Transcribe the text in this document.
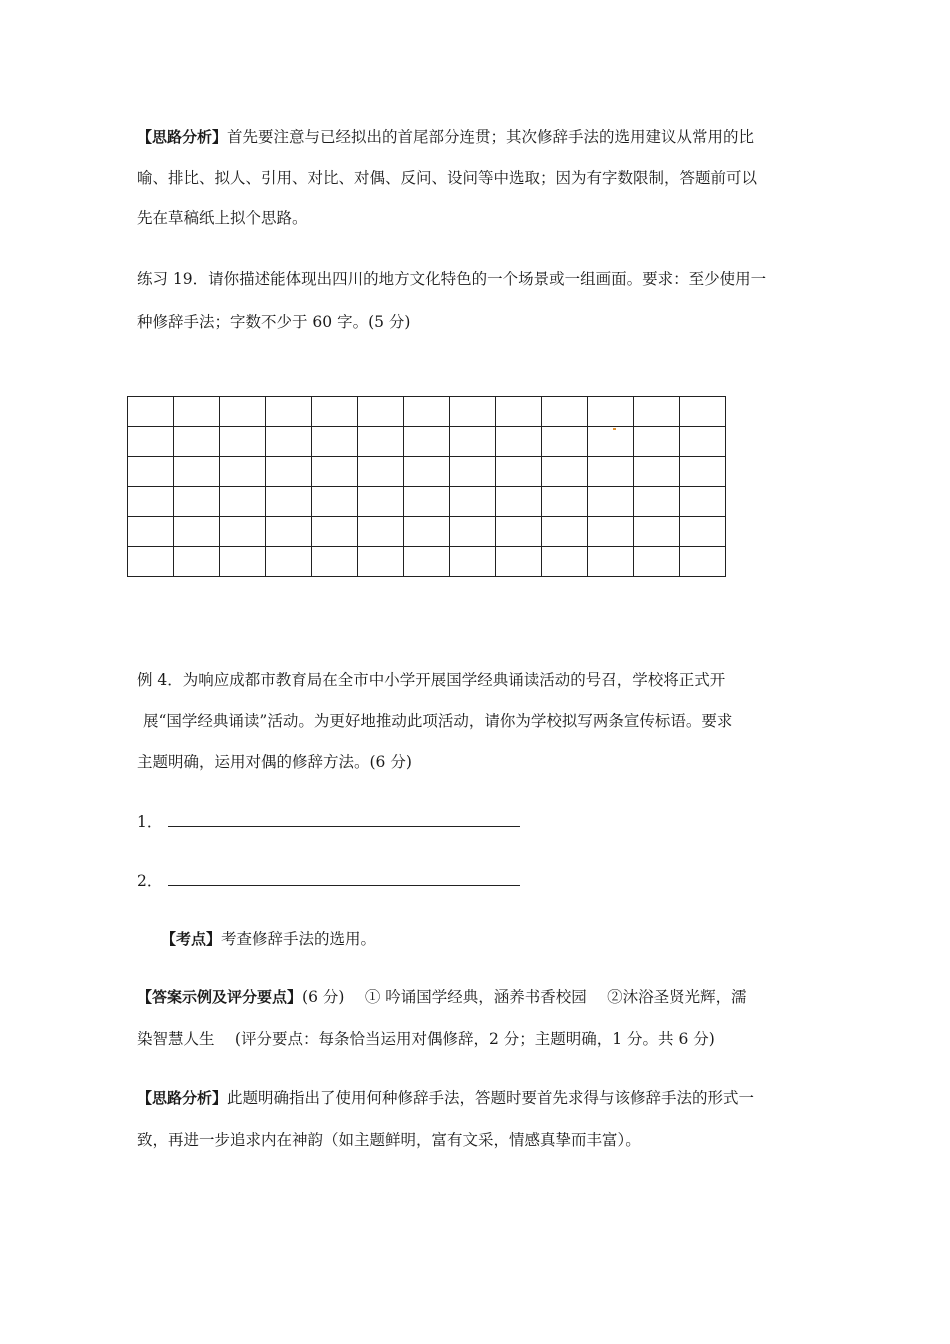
【思路分析】首先要注意与已经拟出的首尾部分连贯；其次修辞手法的选用建议从常用的比
喻、排比、拟人、引用、对比、对偶、反问、设问等中选取；因为有字数限制，答题前可以
先在草稿纸上拟个思路。
练习 19．请你描述能体现出四川的地方文化特色的一个场景或一组画面。要求：至少使用一
种修辞手法；字数不少于 60 字。(5 分)

例 4．为响应成都市教育局在全市中小学开展国学经典诵读活动的号召，学校将正式开
展“国学经典诵读”活动。为更好地推动此项活动，请你为学校拟写两条宣传标语。要求
主题明确，运用对偶的修辞方法。(6 分)
1．
2．
【考点】考查修辞手法的选用。
【答案示例及评分要点】(6 分)　 ① 吟诵国学经典，涵养书香校园　 ②沐浴圣贤光辉，濡
染智慧人生　 (评分要点：每条恰当运用对偶修辞，2 分；主题明确，1 分。共 6 分)
【思路分析】此题明确指出了使用何种修辞手法，答题时要首先求得与该修辞手法的形式一
致，再进一步追求内在神韵（如主题鲜明，富有文采，情感真挚而丰富）。
